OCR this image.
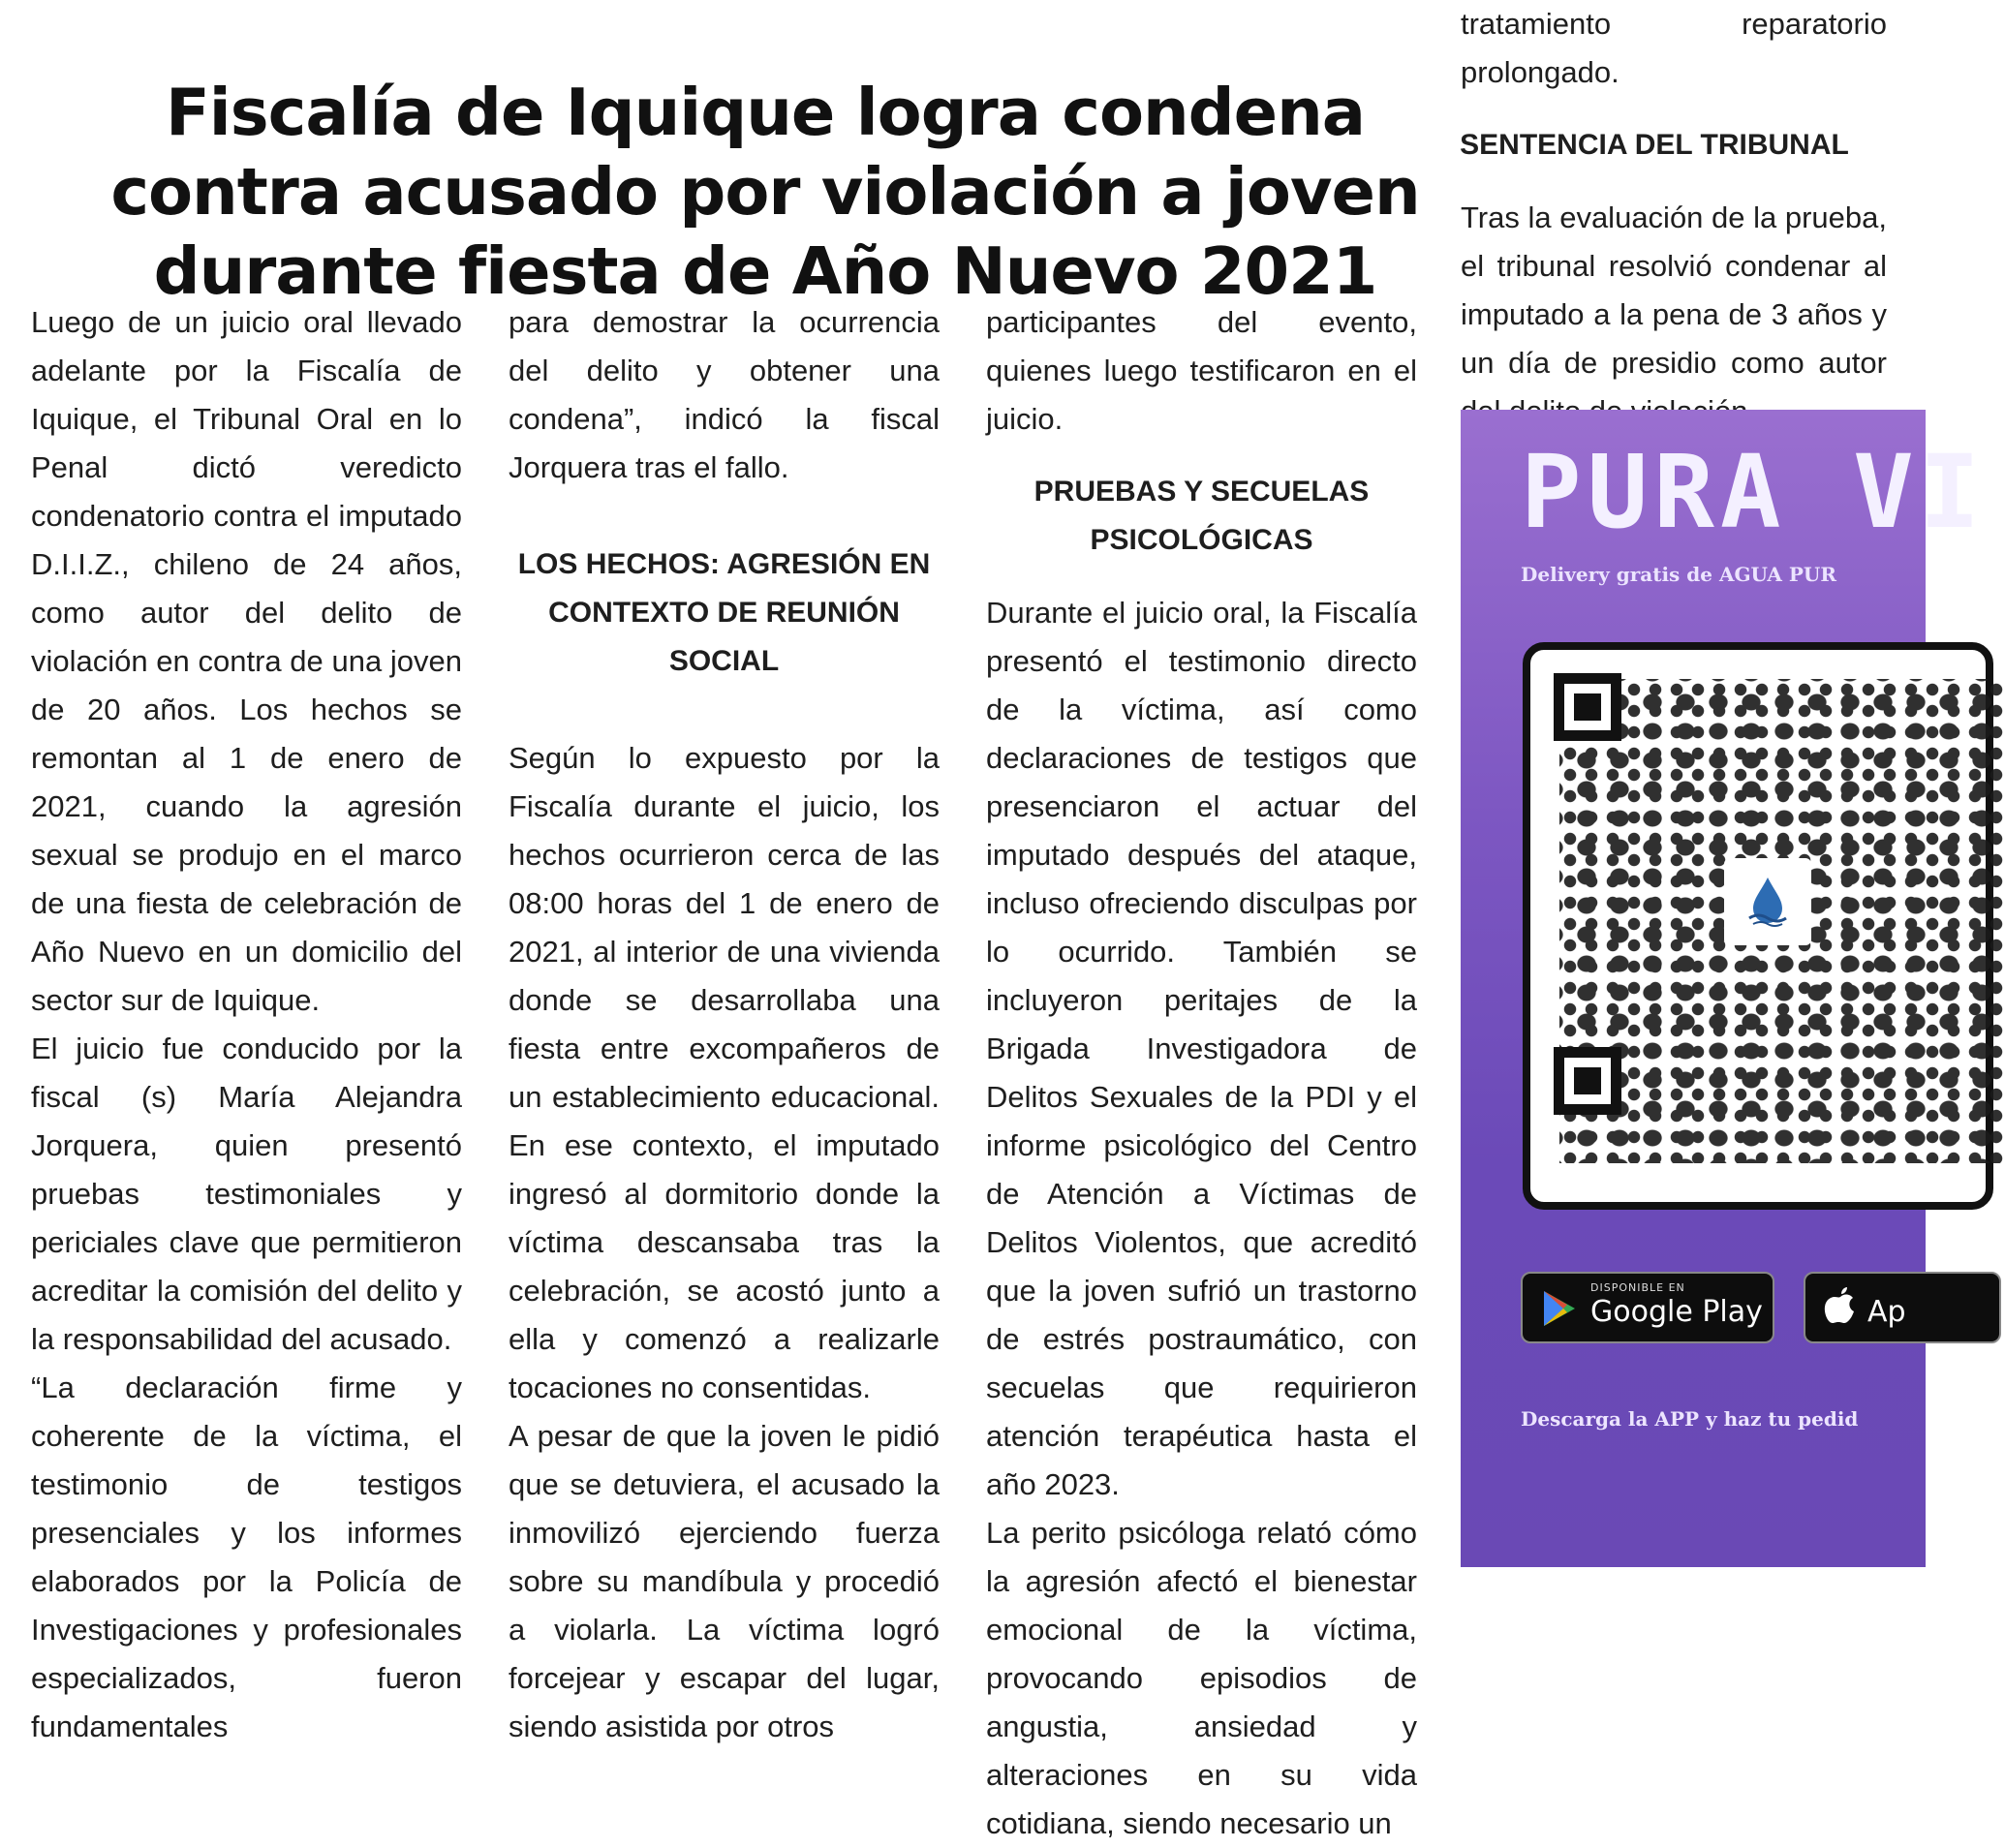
Fiscalía de Iquique logra condena contra acusado por violación a joven durante fiesta de Año Nuevo 2021

Luego de un juicio oral llevado adelante por la Fiscalía de Iquique, el Tribunal Oral en lo Penal dictó veredicto condenatorio contra el imputado D.I.I.Z., chileno de 24 años, como autor del delito de violación en contra de una joven de 20 años. Los hechos se remontan al 1 de enero de 2021, cuando la agresión sexual se produjo en el marco de una fiesta de celebración de Año Nuevo en un domicilio del sector sur de Iquique.

El juicio fue conducido por la fiscal (s) María Alejandra Jorquera, quien presentó pruebas testimoniales y periciales clave que permitieron acreditar la comisión del delito y la responsabilidad del acusado.

“La declaración firme y coherente de la víctima, el testimonio de testigos presenciales y los informes elaborados por la Policía de Investigaciones y profesionales especializados, fueron fundamentales

para demostrar la ocurrencia del delito y obtener una condena”, indicó la fiscal Jorquera tras el fallo.

LOS HECHOS: AGRESIÓN EN CONTEXTO DE REUNIÓN SOCIAL

Según lo expuesto por la Fiscalía durante el juicio, los hechos ocurrieron cerca de las 08:00 horas del 1 de enero de 2021, al interior de una vivienda donde se desarrollaba una fiesta entre excompañeros de un establecimiento educacional. En ese contexto, el imputado ingresó al dormitorio donde la víctima descansaba tras la celebración, se acostó junto a ella y comenzó a realizarle tocaciones no consentidas.

A pesar de que la joven le pidió que se detuviera, el acusado la inmovilizó ejerciendo fuerza sobre su mandíbula y procedió a violarla. La víctima logró forcejear y escapar del lugar, siendo asistida por otros

participantes del evento, quienes luego testificaron en el juicio.

PRUEBAS Y SECUELAS PSICOLÓGICAS

Durante el juicio oral, la Fiscalía presentó el testimonio directo de la víctima, así como declaraciones de testigos que presenciaron el actuar del imputado después del ataque, incluso ofreciendo disculpas por lo ocurrido. También se incluyeron peritajes de la Brigada Investigadora de Delitos Sexuales de la PDI y el informe psicológico del Centro de Atención a Víctimas de Delitos Violentos, que acreditó que la joven sufrió un trastorno de estrés postraumático, con secuelas que requirieron atención terapéutica hasta el año 2023.

La perito psicóloga relató cómo la agresión afectó el bienestar emocional de la víctima, provocando episodios de angustia, ansiedad y alteraciones en su vida cotidiana, siendo necesario un

tratamiento reparatorio prolongado.

SENTENCIA DEL TRIBUNAL

Tras la evaluación de la prueba, el tribunal resolvió condenar al imputado a la pena de 3 años y un día de presidio como autor

PURA VI
Delivery gratis de AGUA PUR
DISPONIBLE EN
Google Play	Ap
Descarga la APP y haz tu pedid
